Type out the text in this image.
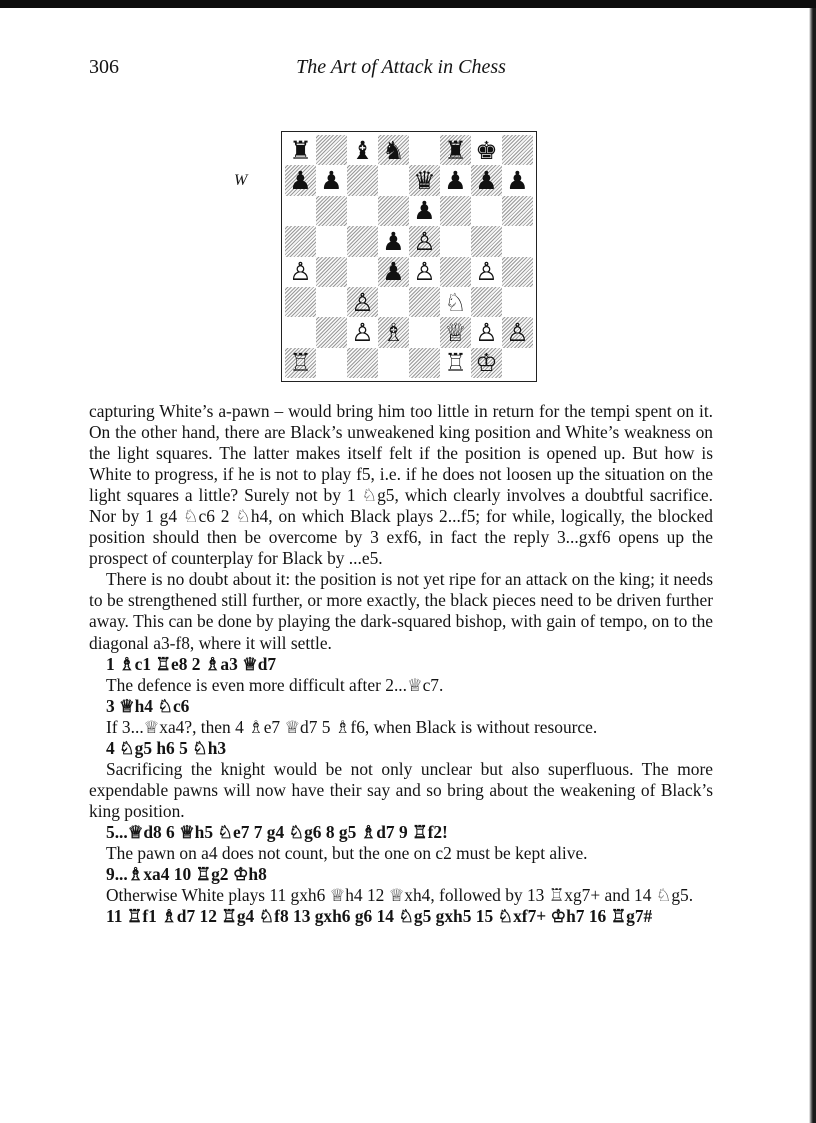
306	The Art of Attack in Chess
W
♜ ♝ ♞ ♜ ♚
♟ ♟	♛ ♟ ♟ ♟
♟
♟ ♙
♙	♟ ♙ ♙
♙	♘
♙ ♗ ♕ ♙ ♙
♖	♖ ♔

capturing White’s a-pawn – would bring him too little in return for the tempi spent on it. On the other hand, there are Black’s unweakened king position and White’s weakness on the light squares. The latter makes itself felt if the position is opened up. But how is White to progress, if he is not to play f5, i.e. if he does not loosen up the situation on the light squares a little? Surely not by 1 ♘g5, which clearly involves a doubtful sacrifice. Nor by 1 g4 ♘c6 2 ♘h4, on which Black plays 2...f5; for while, logically, the blocked position should then be overcome by 3 exf6, in fact the reply 3...gxf6 opens up the prospect of counterplay for Black by ...e5.

There is no doubt about it: the position is not yet ripe for an attack on the king; it needs to be strengthened still further, or more exactly, the black pieces need to be driven further away. This can be done by playing the dark-squared bishop, with gain of tempo, on to the diagonal a3-f8, where it will settle.

1 ♗c1 ♖e8 2 ♗a3 ♕d7

The defence is even more difficult after 2...♕c7.

3 ♕h4 ♘c6

If 3...♕xa4?, then 4 ♗e7 ♕d7 5 ♗f6, when Black is without resource.

4 ♘g5 h6 5 ♘h3

Sacrificing the knight would be not only unclear but also superfluous. The more expendable pawns will now have their say and so bring about the weakening of Black’s king position.

5...♕d8 6 ♕h5 ♘e7 7 g4 ♘g6 8 g5 ♗d7 9 ♖f2!

The pawn on a4 does not count, but the one on c2 must be kept alive.

9...♗xa4 10 ♖g2 ♔h8

Otherwise White plays 11 gxh6 ♕h4 12 ♕xh4, followed by 13 ♖xg7+ and 14 ♘g5.

11 ♖f1 ♗d7 12 ♖g4 ♘f8 13 gxh6 g6 14 ♘g5 gxh5 15 ♘xf7+ ♔h7 16 ♖g7#
